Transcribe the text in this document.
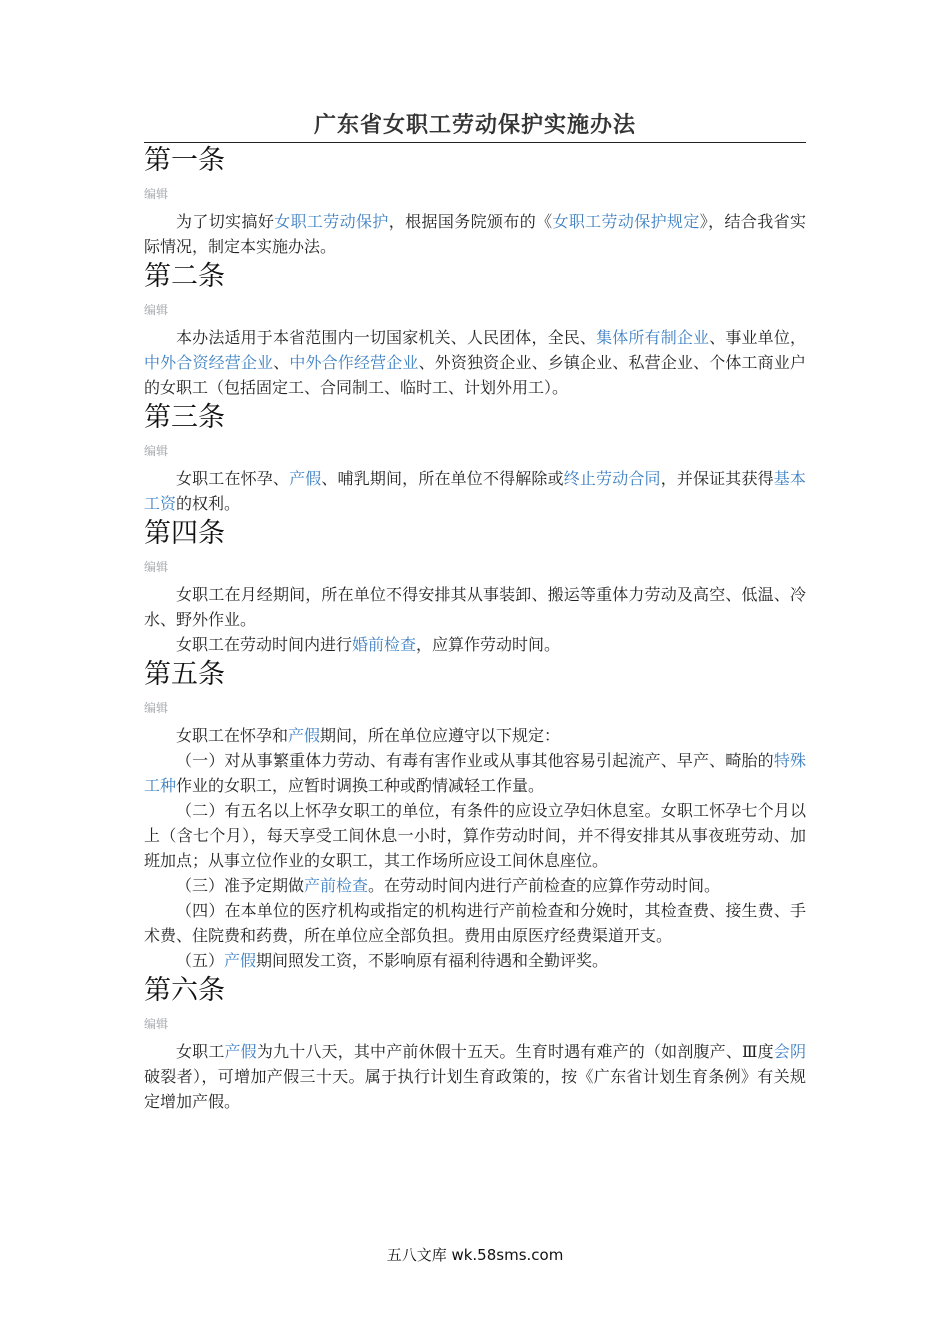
广东省女职工劳动保护实施办法
第一条
编辑

为了切实搞好女职工劳动保护，根据国务院颁布的《女职工劳动保护规定》，结合我省实际情况，制定本实施办法。

第二条
编辑

本办法适用于本省范围内一切国家机关、人民团体，全民、集体所有制企业、事业单位，中外合资经营企业、中外合作经营企业、外资独资企业、乡镇企业、私营企业、个体工商业户的女职工（包括固定工、合同制工、临时工、计划外用工）。

第三条
编辑

女职工在怀孕、产假、哺乳期间，所在单位不得解除或终止劳动合同，并保证其获得基本工资的权利。

第四条
编辑

女职工在月经期间，所在单位不得安排其从事装卸、搬运等重体力劳动及高空、低温、冷水、野外作业。

女职工在劳动时间内进行婚前检查，应算作劳动时间。

第五条
编辑

女职工在怀孕和产假期间，所在单位应遵守以下规定：

（一）对从事繁重体力劳动、有毒有害作业或从事其他容易引起流产、早产、畸胎的特殊工种作业的女职工，应暂时调换工种或酌情减轻工作量。

（二）有五名以上怀孕女职工的单位，有条件的应设立孕妇休息室。女职工怀孕七个月以上（含七个月），每天享受工间休息一小时，算作劳动时间，并不得安排其从事夜班劳动、加班加点；从事立位作业的女职工，其工作场所应设工间休息座位。

（三）准予定期做产前检查。在劳动时间内进行产前检查的应算作劳动时间。

（四）在本单位的医疗机构或指定的机构进行产前检查和分娩时，其检查费、接生费、手术费、住院费和药费，所在单位应全部负担。费用由原医疗经费渠道开支。

（五）产假期间照发工资，不影响原有福利待遇和全勤评奖。

第六条
编辑

女职工产假为九十八天，其中产前休假十五天。生育时遇有难产的（如剖腹产、Ⅲ度会阴破裂者），可增加产假三十天。属于执行计划生育政策的，按《广东省计划生育条例》有关规定增加产假。

五八文库 wk.58sms.com
